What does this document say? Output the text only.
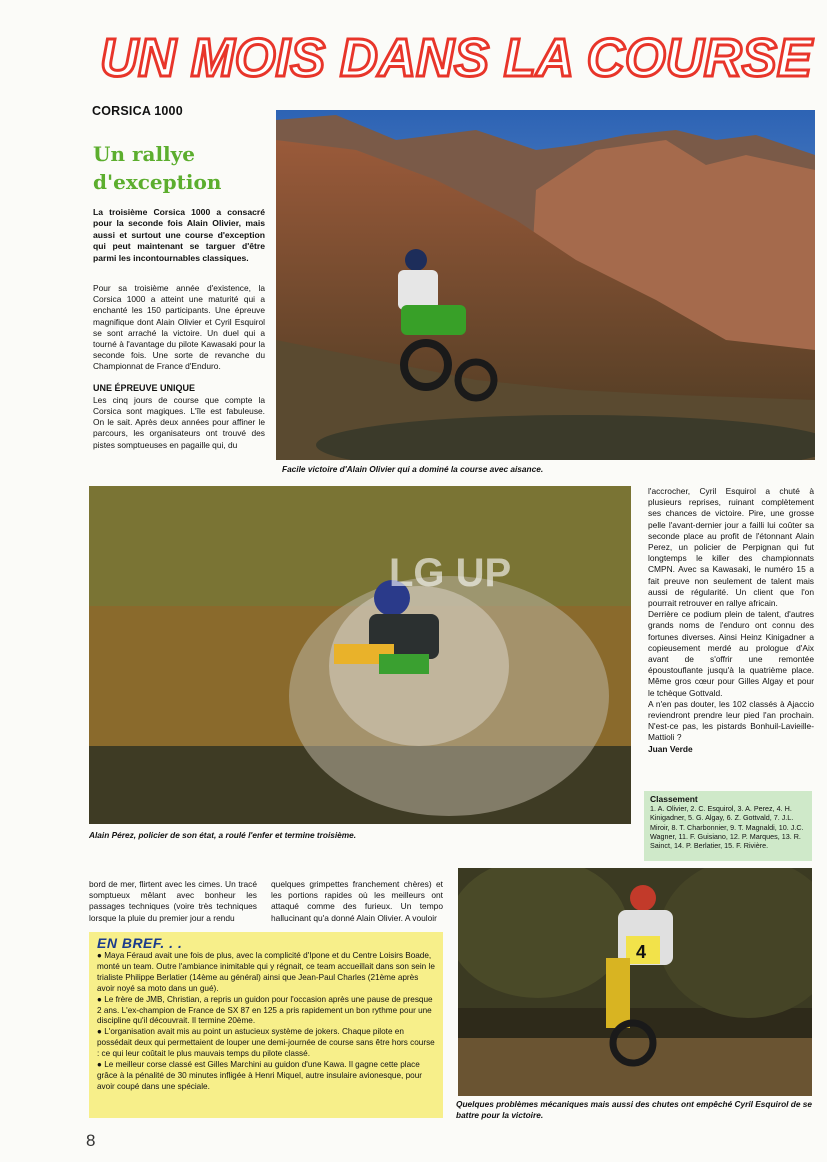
UN MOIS DANS LA COURSE
CORSICA 1000
Un rallye
d'exception
La troisième Corsica 1000 a consacré pour la seconde fois Alain Olivier, mais aussi et surtout une course d'exception qui peut maintenant se targuer d'être parmi les incontournables classiques.
Pour sa troisième année d'existence, la Corsica 1000 a atteint une maturité qui a enchanté les 150 participants. Une épreuve magnifique dont Alain Olivier et Cyril Esquirol se sont arraché la victoire. Un duel qui a tourné à l'avantage du pilote Kawasaki pour la seconde fois. Une sorte de revanche du Championnat de France d'Enduro.
UNE ÉPREUVE UNIQUE
Les cinq jours de course que compte la Corsica sont magiques. L'île est fabuleuse. On le sait. Après deux années pour affiner le parcours, les organisateurs ont trouvé des pistes somptueuses en pagaille qui, du
Facile victoire d'Alain Olivier qui a dominé la course avec aisance.
LG UP
Alain Pérez, policier de son état, a roulé l'enfer et termine troisième.
l'accrocher, Cyril Esquirol a chuté à plusieurs reprises, ruinant complètement ses chances de victoire. Pire, une grosse pelle l'avant-dernier jour a failli lui coûter sa seconde place au profit de l'étonnant Alain Perez, un policier de Perpignan qui fut longtemps le killer des championnats CMPN. Avec sa Kawasaki, le numéro 15 a fait preuve non seulement de talent mais aussi de régularité. Un client que l'on pourrait retrouver en rallye africain.
Derrière ce podium plein de talent, d'autres grands noms de l'enduro ont connu des fortunes diverses. Ainsi Heinz Kinigadner a copieusement merdé au prologue d'Aix avant de s'offrir une remontée époustouflante jusqu'à la quatrième place. Même gros cœur pour Gilles Algay et pour le tchèque Gottvald.
A n'en pas douter, les 102 classés à Ajaccio reviendront prendre leur pied l'an prochain. N'est-ce pas, les pistards Bonhuil-Lavieille-Mattioli ?
Juan Verde
Classement
1. A. Olivier, 2. C. Esquirol, 3. A. Perez, 4. H. Kinigadner, 5. G. Algay, 6. Z. Gottvald, 7. J.L. Miroir, 8. T. Charbonnier, 9. T. Magnaldi, 10. J.C. Wagner, 11. F. Guisiano, 12. P. Marques, 13. R. Sainct, 14. P. Berlatier, 15. F. Rivière.
bord de mer, flirtent avec les cimes. Un tracé somptueux mêlant avec bonheur les passages techniques (voire très techniques lorsque la pluie du premier jour a rendu
quelques grimpettes franchement chères) et les portions rapides où les meilleurs ont attaqué comme des furieux. Un tempo hallucinant qu'a donné Alain Olivier. A vouloir
EN BREF. . .
● Maya Féraud avait une fois de plus, avec la complicité d'Ipone et du Centre Loisirs Boade, monté un team. Outre l'ambiance inimitable qui y régnait, ce team accueillait dans son sein le trialiste Philippe Berlatier (14ème au général) ainsi que Jean-Paul Charles (21ème après avoir noyé sa moto dans un gué).
● Le frère de JMB, Christian, a repris un guidon pour l'occasion après une pause de presque 2 ans. L'ex-champion de France de SX 87 en 125 a pris rapidement un bon rythme pour une discipline qu'il découvrait. Il termine 20ème.
● L'organisation avait mis au point un astucieux système de jokers. Chaque pilote en possédait deux qui permettaient de louper une demi-journée de course sans être hors course : ce qui leur coûtait le plus mauvais temps du pilote classé.
● Le meilleur corse classé est Gilles Marchini au guidon d'une Kawa. Il gagne cette place grâce à la pénalité de 30 minutes infligée à Henri Miquel, autre insulaire avionesque, pour avoir coupé dans une spéciale.
4
Quelques problèmes mécaniques mais aussi des chutes ont empêché Cyril Esquirol de se battre pour la victoire.
8
